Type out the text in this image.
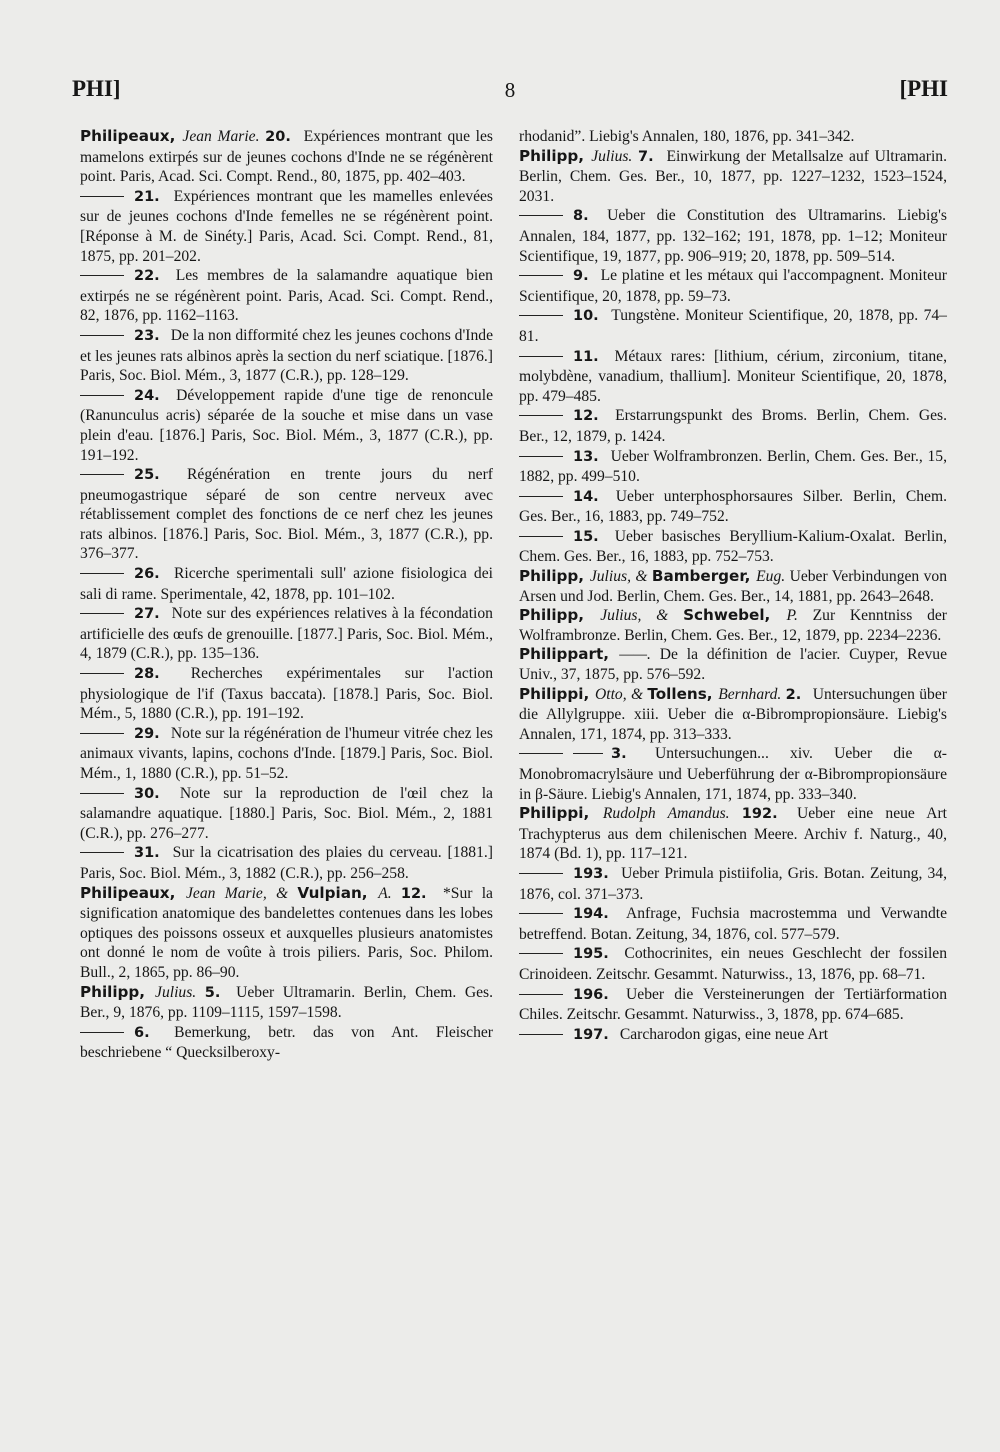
PHI]	8	[PHI

Philipeaux, Jean Marie. 20. Expériences montrant que les mamelons extirpés sur de jeunes cochons d'Inde ne se régénèrent point. Paris, Acad. Sci. Compt. Rend., 80, 1875, pp. 402–403.

21. Expériences montrant que les mamelles enlevées sur de jeunes cochons d'Inde femelles ne se régénèrent point. [Réponse à M. de Sinéty.] Paris, Acad. Sci. Compt. Rend., 81, 1875, pp. 201–202.

22. Les membres de la salamandre aquatique bien extirpés ne se régénèrent point. Paris, Acad. Sci. Compt. Rend., 82, 1876, pp. 1162–1163.

23. De la non difformité chez les jeunes cochons d'Inde et les jeunes rats albinos après la section du nerf sciatique. [1876.] Paris, Soc. Biol. Mém., 3, 1877 (C.R.), pp. 128–129.

24. Développement rapide d'une tige de renoncule (Ranunculus acris) séparée de la souche et mise dans un vase plein d'eau. [1876.] Paris, Soc. Biol. Mém., 3, 1877 (C.R.), pp. 191–192.

25. Régénération en trente jours du nerf pneumogastrique séparé de son centre nerveux avec rétablissement complet des fonctions de ce nerf chez les jeunes rats albinos. [1876.] Paris, Soc. Biol. Mém., 3, 1877 (C.R.), pp. 376–377.

26. Ricerche sperimentali sull' azione fisiologica dei sali di rame. Sperimentale, 42, 1878, pp. 101–102.

27. Note sur des expériences relatives à la fécondation artificielle des œufs de grenouille. [1877.] Paris, Soc. Biol. Mém., 4, 1879 (C.R.), pp. 135–136.

28. Recherches expérimentales sur l'action physiologique de l'if (Taxus baccata). [1878.] Paris, Soc. Biol. Mém., 5, 1880 (C.R.), pp. 191–192.

29. Note sur la régénération de l'humeur vitrée chez les animaux vivants, lapins, cochons d'Inde. [1879.] Paris, Soc. Biol. Mém., 1, 1880 (C.R.), pp. 51–52.

30. Note sur la reproduction de l'œil chez la salamandre aquatique. [1880.] Paris, Soc. Biol. Mém., 2, 1881 (C.R.), pp. 276–277.

31. Sur la cicatrisation des plaies du cerveau. [1881.] Paris, Soc. Biol. Mém., 3, 1882 (C.R.), pp. 256–258.

Philipeaux, Jean Marie, & Vulpian, A. 12. *Sur la signification anatomique des bandelettes contenues dans les lobes optiques des poissons osseux et auxquelles plusieurs anatomistes ont donné le nom de voûte à trois piliers. Paris, Soc. Philom. Bull., 2, 1865, pp. 86–90.

Philipp, Julius. 5. Ueber Ultramarin. Berlin, Chem. Ges. Ber., 9, 1876, pp. 1109–1115, 1597–1598.

6. Bemerkung, betr. das von Ant. Fleischer beschriebene “ Quecksilberoxy-

rhodanid”. Liebig's Annalen, 180, 1876, pp. 341–342.

Philipp, Julius. 7. Einwirkung der Metallsalze auf Ultramarin. Berlin, Chem. Ges. Ber., 10, 1877, pp. 1227–1232, 1523–1524, 2031.

8. Ueber die Constitution des Ultramarins. Liebig's Annalen, 184, 1877, pp. 132–162; 191, 1878, pp. 1–12; Moniteur Scientifique, 19, 1877, pp. 906–919; 20, 1878, pp. 509–514.

9. Le platine et les métaux qui l'accompagnent. Moniteur Scientifique, 20, 1878, pp. 59–73.

10. Tungstène. Moniteur Scientifique, 20, 1878, pp. 74–81.

11. Métaux rares: [lithium, cérium, zirconium, titane, molybdène, vanadium, thallium]. Moniteur Scientifique, 20, 1878, pp. 479–485.

12. Erstarrungspunkt des Broms. Berlin, Chem. Ges. Ber., 12, 1879, p. 1424.

13. Ueber Wolframbronzen. Berlin, Chem. Ges. Ber., 15, 1882, pp. 499–510.

14. Ueber unterphosphorsaures Silber. Berlin, Chem. Ges. Ber., 16, 1883, pp. 749–752.

15. Ueber basisches Beryllium-Kalium-Oxalat. Berlin, Chem. Ges. Ber., 16, 1883, pp. 752–753.

Philipp, Julius, & Bamberger, Eug. Ueber Verbindungen von Arsen und Jod. Berlin, Chem. Ges. Ber., 14, 1881, pp. 2643–2648.

Philipp, Julius, & Schwebel, P. Zur Kenntniss der Wolframbronze. Berlin, Chem. Ges. Ber., 12, 1879, pp. 2234–2236.

Philippart, ——. De la définition de l'acier. Cuyper, Revue Univ., 37, 1875, pp. 576–592.

Philippi, Otto, & Tollens, Bernhard. 2. Untersuchungen über die Allylgruppe. xiii. Ueber die α-Bibrompropionsäure. Liebig's Annalen, 171, 1874, pp. 313–333.

3. Untersuchungen... xiv. Ueber die α-Monobromacrylsäure und Ueberführung der α-Bibrompropionsäure in β-Säure. Liebig's Annalen, 171, 1874, pp. 333–340.

Philippi, Rudolph Amandus. 192. Ueber eine neue Art Trachypterus aus dem chilenischen Meere. Archiv f. Naturg., 40, 1874 (Bd. 1), pp. 117–121.

193. Ueber Primula pistiifolia, Gris. Botan. Zeitung, 34, 1876, col. 371–373.

194. Anfrage, Fuchsia macrostemma und Verwandte betreffend. Botan. Zeitung, 34, 1876, col. 577–579.

195. Cothocrinites, ein neues Geschlecht der fossilen Crinoideen. Zeitschr. Gesammt. Naturwiss., 13, 1876, pp. 68–71.

196. Ueber die Versteinerungen der Tertiärformation Chiles. Zeitschr. Gesammt. Naturwiss., 3, 1878, pp. 674–685.

197. Carcharodon gigas, eine neue Art
